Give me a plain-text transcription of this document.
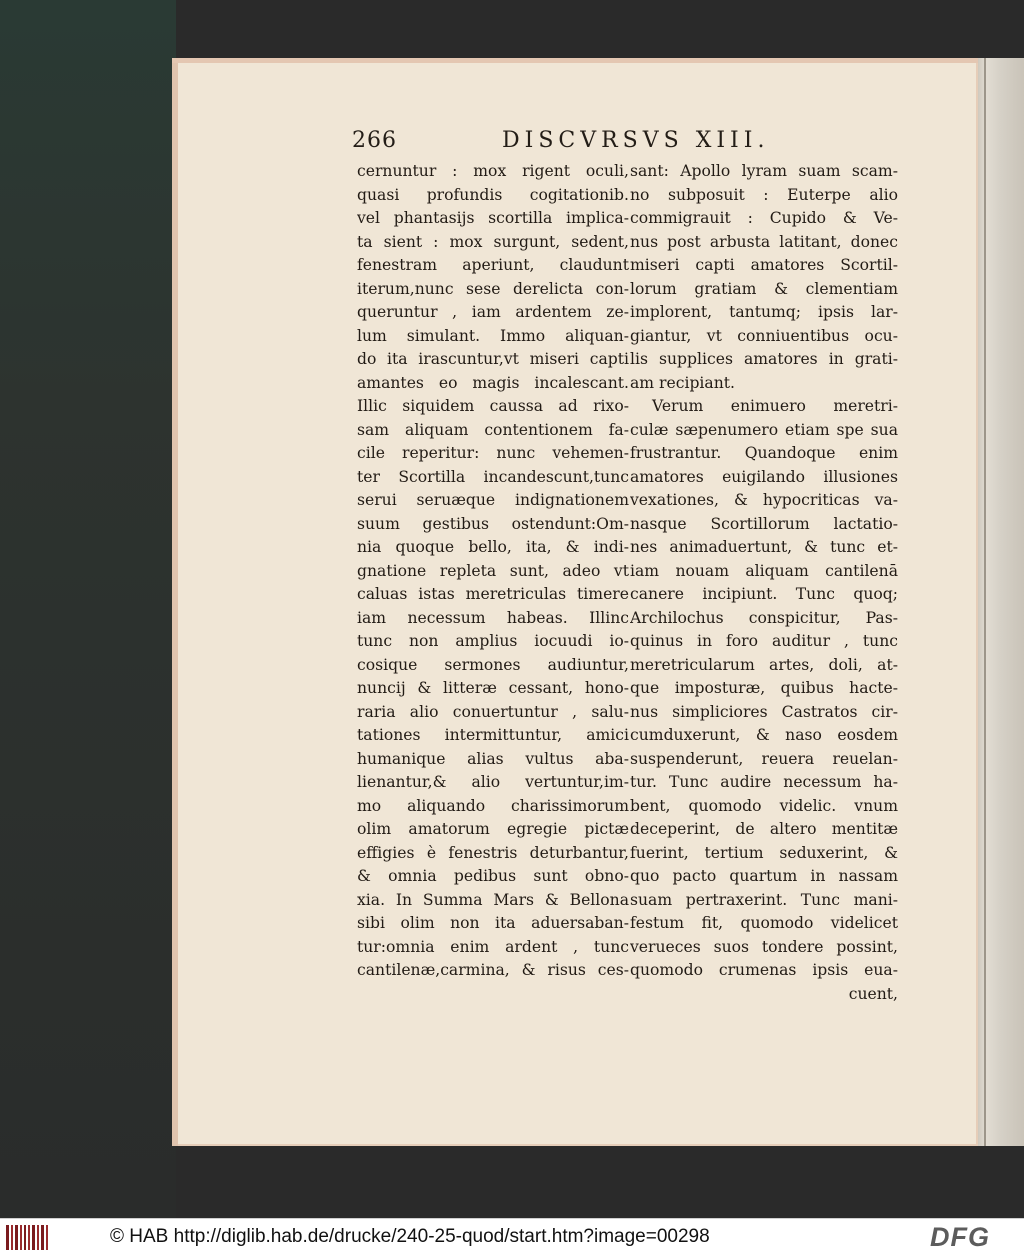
266	DISCVRSVS XIII.
cernuntur : mox rigent oculi,
quasi profundis cogitationib.
vel phantasijs scortilla implica-
ta sient : mox surgunt, sedent,
fenestram aperiunt, claudunt
iterum,nunc sese derelicta con-
queruntur , iam ardentem ze-
lum simulant. Immo aliquan-
do ita irascuntur,vt miseri capti
amantes eo magis incalescant.
Illic siquidem caussa ad rixo-
sam aliquam contentionem fa-
cile reperitur: nunc vehemen-
ter Scortilla incandescunt,tunc
serui seruæque indignationem
suum gestibus ostendunt:Om-
nia quoque bello, ita, & indi-
gnatione repleta sunt, adeo vt
caluas istas meretriculas timere
iam necessum habeas. Illinc
tunc non amplius iocuudi io-
cosique sermones audiuntur,
nuncij & litteræ cessant, hono-
raria alio conuertuntur , salu-
tationes intermittuntur, amici
humanique alias vultus aba-
lienantur,& alio vertuntur,im-
mo aliquando charissimorum
olim amatorum egregie pictæ
effigies è fenestris deturbantur,
& omnia pedibus sunt obno-
xia. In Summa Mars & Bellona
sibi olim non ita aduersaban-
tur:omnia enim ardent , tunc
cantilenæ,carmina, & risus ces-
sant: Apollo lyram suam scam-
no subposuit : Euterpe alio
commigrauit : Cupido & Ve-
nus post arbusta latitant, donec
miseri capti amatores Scortil-
lorum gratiam & clementiam
implorent, tantumq; ipsis lar-
giantur, vt conniuentibus ocu-
lis supplices amatores in grati-
am recipiant.
Verum enimuero meretri-
culæ sæpenumero etiam spe sua
frustrantur. Quandoque enim
amatores euigilando illusiones
vexationes, & hypocriticas va-
nasque Scortillorum lactatio-
nes animaduertunt, & tunc et-
iam nouam aliquam cantilenā
canere incipiunt. Tunc quoq;
Archilochus conspicitur, Pas-
quinus in foro auditur , tunc
meretricularum artes, doli, at-
que imposturæ, quibus hacte-
nus simpliciores Castratos cir-
cumduxerunt, & naso eosdem
suspenderunt, reuera reuelan-
tur. Tunc audire necessum ha-
bent, quomodo videlic. vnum
deceperint, de altero mentitæ
fuerint, tertium seduxerint, &
quo pacto quartum in nassam
suam pertraxerint. Tunc mani-
festum fit, quomodo videlicet
verueces suos tondere possint,
quomodo crumenas ipsis eua-
cuent,
© HAB http://diglib.hab.de/drucke/240-25-quod/start.htm?image=00298	DFG
